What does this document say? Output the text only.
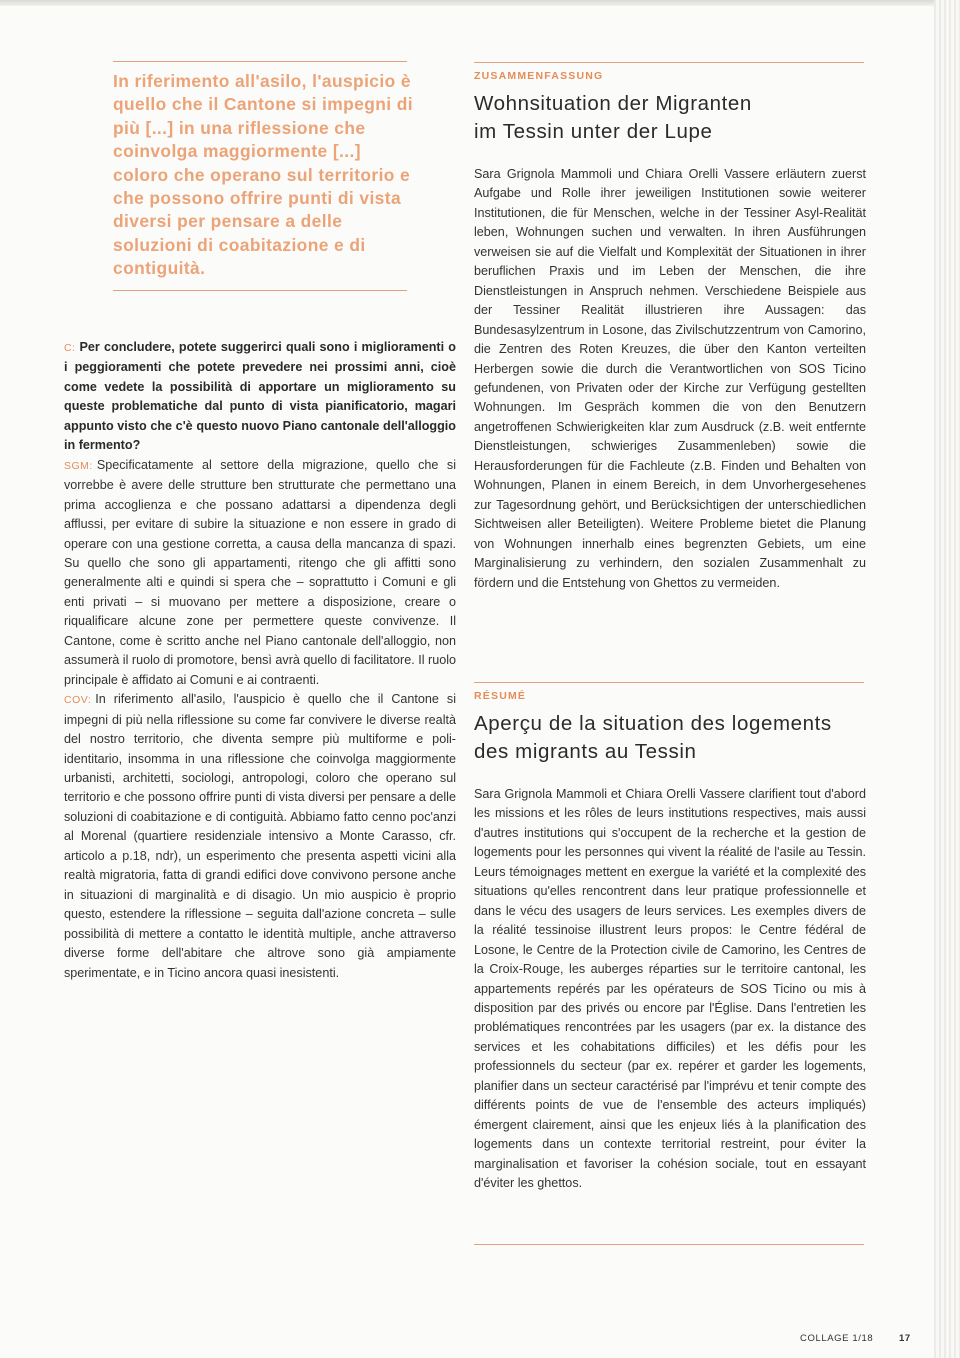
In riferimento all'asilo, l'auspicio è quello che il Cantone si impegni di più [...] in una riflessione che coinvolga maggiormente [...] coloro che operano sul territorio e che possono offrire punti di vista diversi per pensare a delle soluzioni di coabitazione e di contiguità.

C: Per concludere, potete suggerirci quali sono i miglioramenti o i peggioramenti che potete prevedere nei prossimi anni, cioè come vedete la possibilità di apportare un miglioramento su queste problematiche dal punto di vista pianificatorio, magari appunto visto che c'è questo nuovo Piano cantonale dell'alloggio in fermento?

SGM: Specificatamente al settore della migrazione, quello che si vorrebbe è avere delle strutture ben strutturate che permettano una prima accoglienza e che possano adattarsi a dipendenza degli afflussi, per evitare di subire la situazione e non essere in grado di operare con una gestione corretta, a causa della mancanza di spazi. Su quello che sono gli appartamenti, ritengo che gli affitti sono generalmente alti e quindi si spera che – soprattutto i Comuni e gli enti privati – si muovano per mettere a disposizione, creare o riqualificare alcune zone per permettere queste convivenze. Il Cantone, come è scritto anche nel Piano cantonale dell'alloggio, non assumerà il ruolo di promotore, bensì avrà quello di facilitatore. Il ruolo principale è affidato ai Comuni e ai contraenti.

COV: In riferimento all'asilo, l'auspicio è quello che il Cantone si impegni di più nella riflessione su come far convivere le diverse realtà del nostro territorio, che diventa sempre più multiforme e poli-identitario, insomma in una riflessione che coinvolga maggiormente urbanisti, architetti, sociologi, antropologi, coloro che operano sul territorio e che possono offrire punti di vista diversi per pensare a delle soluzioni di coabitazione e di contiguità. Abbiamo fatto cenno poc'anzi al Morenal (quartiere residenziale intensivo a Monte Carasso, cfr. articolo a p.18, ndr), un esperimento che presenta aspetti vicini alla realtà migratoria, fatta di grandi edifici dove convivono persone anche in situazioni di marginalità e di disagio. Un mio auspicio è proprio questo, estendere la riflessione – seguita dall'azione concreta – sulle possibilità di mettere a contatto le identità multiple, anche attraverso diverse forme dell'abitare che altrove sono già ampiamente sperimentate, e in Ticino ancora quasi inesistenti.

ZUSAMMENFASSUNG

Wohnsituation der Migranten
im Tessin unter der Lupe

Sara Grignola Mammoli und Chiara Orelli Vassere erläutern zuerst Aufgabe und Rolle ihrer jeweiligen Institutionen sowie weiterer Institutionen, die für Menschen, welche in der Tessiner Asyl-Realität leben, Wohnungen suchen und verwalten. In ihren Ausführungen verweisen sie auf die Vielfalt und Komplexität der Situationen in ihrer beruflichen Praxis und im Leben der Menschen, die ihre Dienstleistungen in Anspruch nehmen. Verschiedene Beispiele aus der Tessiner Realität illustrieren ihre Aussagen: das Bundesasylzentrum in Losone, das Zivilschutzzentrum von Camorino, die Zentren des Roten Kreuzes, die über den Kanton verteilten Herbergen sowie die durch die Verantwortlichen von SOS Ticino gefundenen, von Privaten oder der Kirche zur Verfügung gestellten Wohnungen. Im Gespräch kommen die von den Benutzern angetroffenen Schwierigkeiten klar zum Ausdruck (z.B. weit entfernte Dienstleistungen, schwieriges Zusammenleben) sowie die Herausforderungen für die Fachleute (z.B. Finden und Behalten von Wohnungen, Planen in einem Bereich, in dem Unvorhergesehenes zur Tagesordnung gehört, und Berücksichtigen der unterschiedlichen Sichtweisen aller Beteiligten). Weitere Probleme bietet die Planung von Wohnungen innerhalb eines begrenzten Gebiets, um eine Marginalisierung zu verhindern, den sozialen Zusammenhalt zu fördern und die Entstehung von Ghettos zu vermeiden.

RÉSUMÉ

Aperçu de la situation des logements
des migrants au Tessin

Sara Grignola Mammoli et Chiara Orelli Vassere clarifient tout d'abord les missions et les rôles de leurs institutions respectives, mais aussi d'autres institutions qui s'occupent de la recherche et la gestion de logements pour les personnes qui vivent la réalité de l'asile au Tessin. Leurs témoignages mettent en exergue la variété et la complexité des situations qu'elles rencontrent dans leur pratique professionnelle et dans le vécu des usagers de leurs services. Les exemples divers de la réalité tessinoise illustrent leurs propos: le Centre fédéral de Losone, le Centre de la Protection civile de Camorino, les Centres de la Croix-Rouge, les auberges réparties sur le territoire cantonal, les appartements repérés par les opérateurs de SOS Ticino ou mis à disposition par des privés ou encore par l'Église. Dans l'entretien les problématiques rencontrées par les usagers (par ex. la distance des services et les cohabitations difficiles) et les défis pour les professionnels du secteur (par ex. repérer et garder les logements, planifier dans un secteur caractérisé par l'imprévu et tenir compte des différents points de vue de l'ensemble des acteurs impliqués) émergent clairement, ainsi que les enjeux liés à la planification des logements dans un contexte territorial restreint, pour éviter la marginalisation et favoriser la cohésion sociale, tout en essayant d'éviter les ghettos.

COLLAGE 1/18	17
